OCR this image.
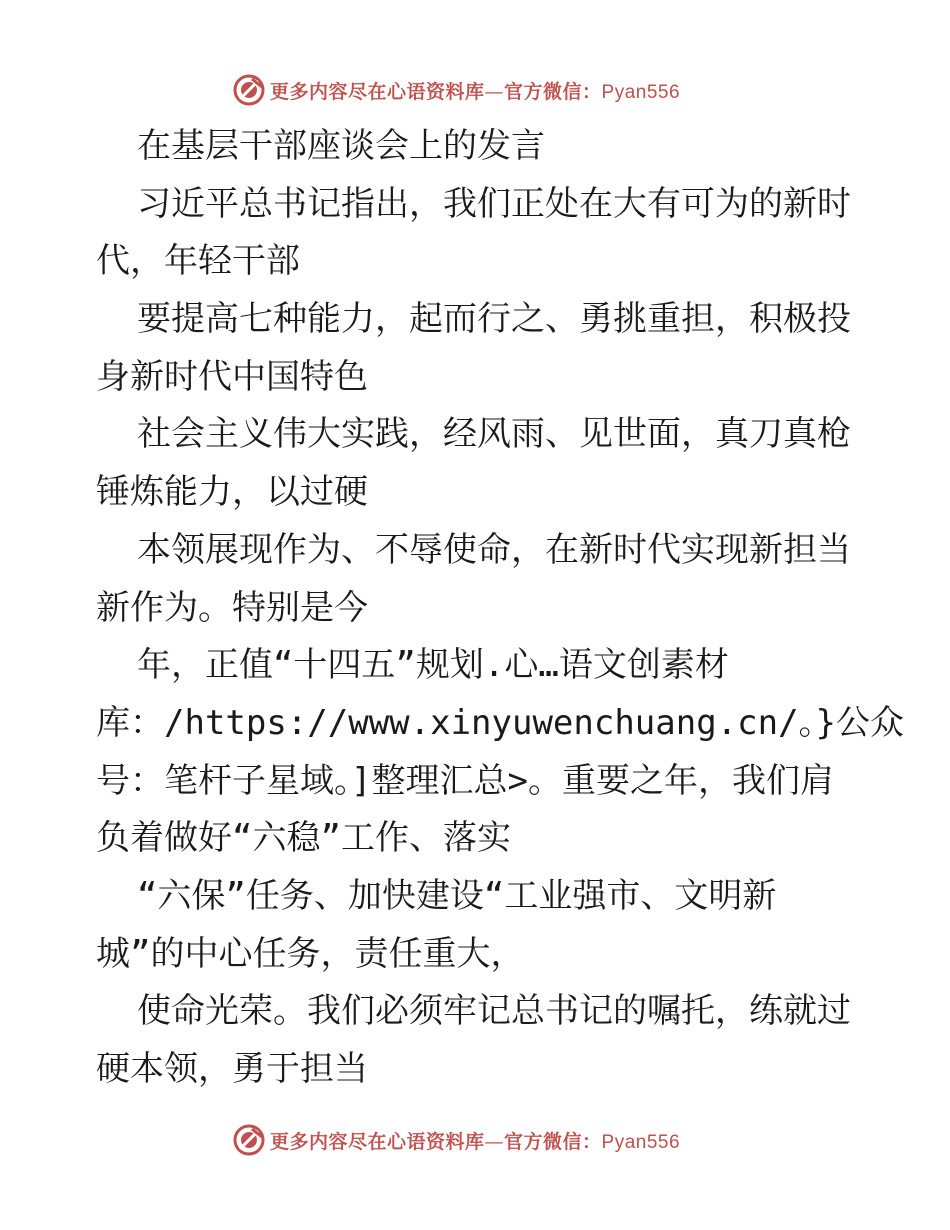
更多内容尽在心语资料库—官方微信：Pyan556
在基层干部座谈会上的发言
习近平总书记指出，我们正处在大有可为的新时
代，年轻干部
要提高七种能力，起而行之、勇挑重担，积极投
身新时代中国特色
社会主义伟大实践，经风雨、见世面，真刀真枪
锤炼能力，以过硬
本领展现作为、不辱使命，在新时代实现新担当
新作为。特别是今
年，正值“十四五”规划.心…语文创素材
库：/https://www.xinyuwenchuang.cn/。}公众
号：笔杆子星域。]整理汇总>。重要之年，我们肩
负着做好“六稳”工作、落实
“六保”任务、加快建设“工业强市、文明新
城”的中心任务，责任重大，
使命光荣。我们必须牢记总书记的嘱托，练就过
硬本领，勇于担当
更多内容尽在心语资料库—官方微信：Pyan556
